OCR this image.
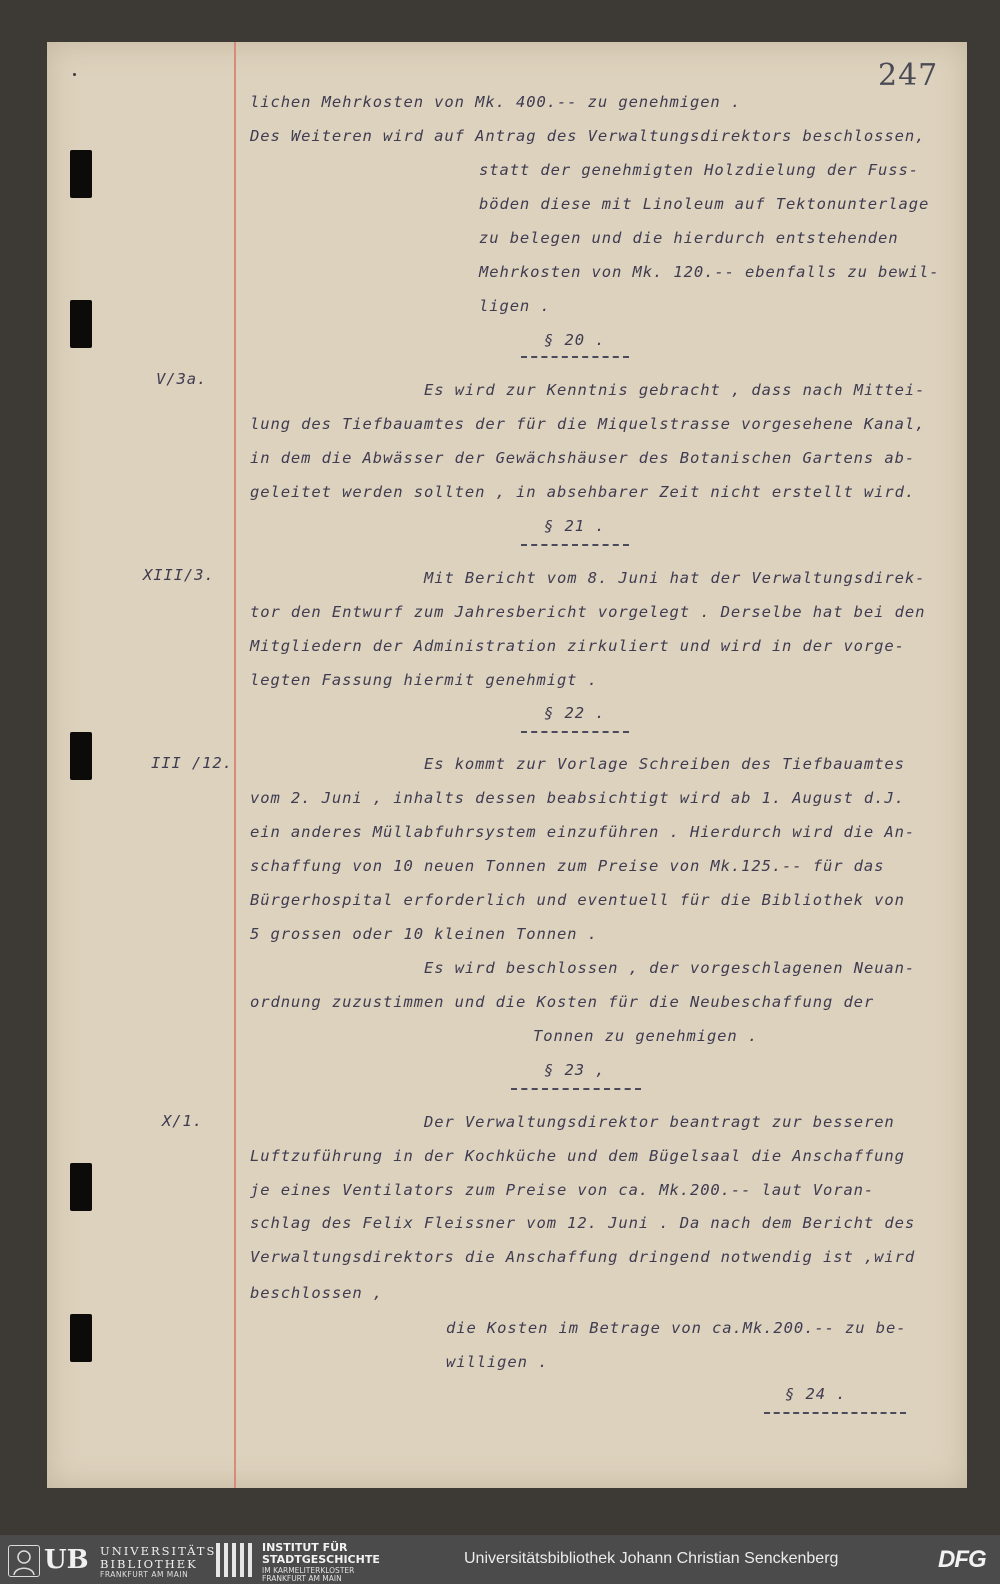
247

lichen Mehrkosten von Mk. 400.-- zu genehmigen .

Des Weiteren wird auf Antrag des Verwaltungsdirektors beschlossen,

statt der genehmigten Holzdielung der Fuss-

böden diese mit Linoleum auf Tektonunterlage

zu belegen und die hierdurch entstehenden

Mehrkosten von Mk. 120.-- ebenfalls zu bewil-

ligen .

§ 20 .

V/3a.

Es wird zur Kenntnis gebracht , dass nach Mittei-

lung des Tiefbauamtes der für die Miquelstrasse vorgesehene Kanal,

in dem die Abwässer der Gewächshäuser des Botanischen Gartens ab-

geleitet werden sollten , in absehbarer Zeit nicht erstellt wird.

§ 21 .

XIII/3.	Mit Bericht vom 8. Juni hat der Verwaltungsdirek-

tor den Entwurf zum Jahresbericht vorgelegt . Derselbe hat bei den

Mitgliedern der Administration zirkuliert und wird in der vorge-

legten Fassung hiermit genehmigt .

§ 22 .

III /12.	Es kommt zur Vorlage Schreiben des Tiefbauamtes

vom 2. Juni , inhalts dessen beabsichtigt wird ab 1. August d.J.

ein anderes Müllabfuhrsystem einzuführen . Hierdurch wird die An-

schaffung von 10 neuen Tonnen zum Preise von Mk.125.-- für das

Bürgerhospital erforderlich und eventuell für die Bibliothek von

5 grossen oder 10 kleinen Tonnen .

Es wird beschlossen , der vorgeschlagenen Neuan-

ordnung zuzustimmen und die Kosten für die Neubeschaffung der

Tonnen zu genehmigen .

§ 23 ,

X/1.	Der Verwaltungsdirektor beantragt zur besseren

Luftzuführung in der Kochküche und dem Bügelsaal die Anschaffung

je eines Ventilators zum Preise von ca. Mk.200.-- laut Voran-

schlag des Felix Fleissner vom 12. Juni . Da nach dem Bericht des

Verwaltungsdirektors die Anschaffung dringend notwendig ist ,wird

beschlossen ,

die Kosten im Betrage von ca.Mk.200.-- zu be-

willigen .

§ 24 .

UB UNIVERSITÄTS
BIBLIOTHEK
FRANKFURT AM MAIN
INSTITUT FÜR
STADTGESCHICHTE
IM KARMELITERKLOSTER
FRANKFURT AM MAIN
Universitätsbibliothek Johann Christian Senckenberg	DFG
